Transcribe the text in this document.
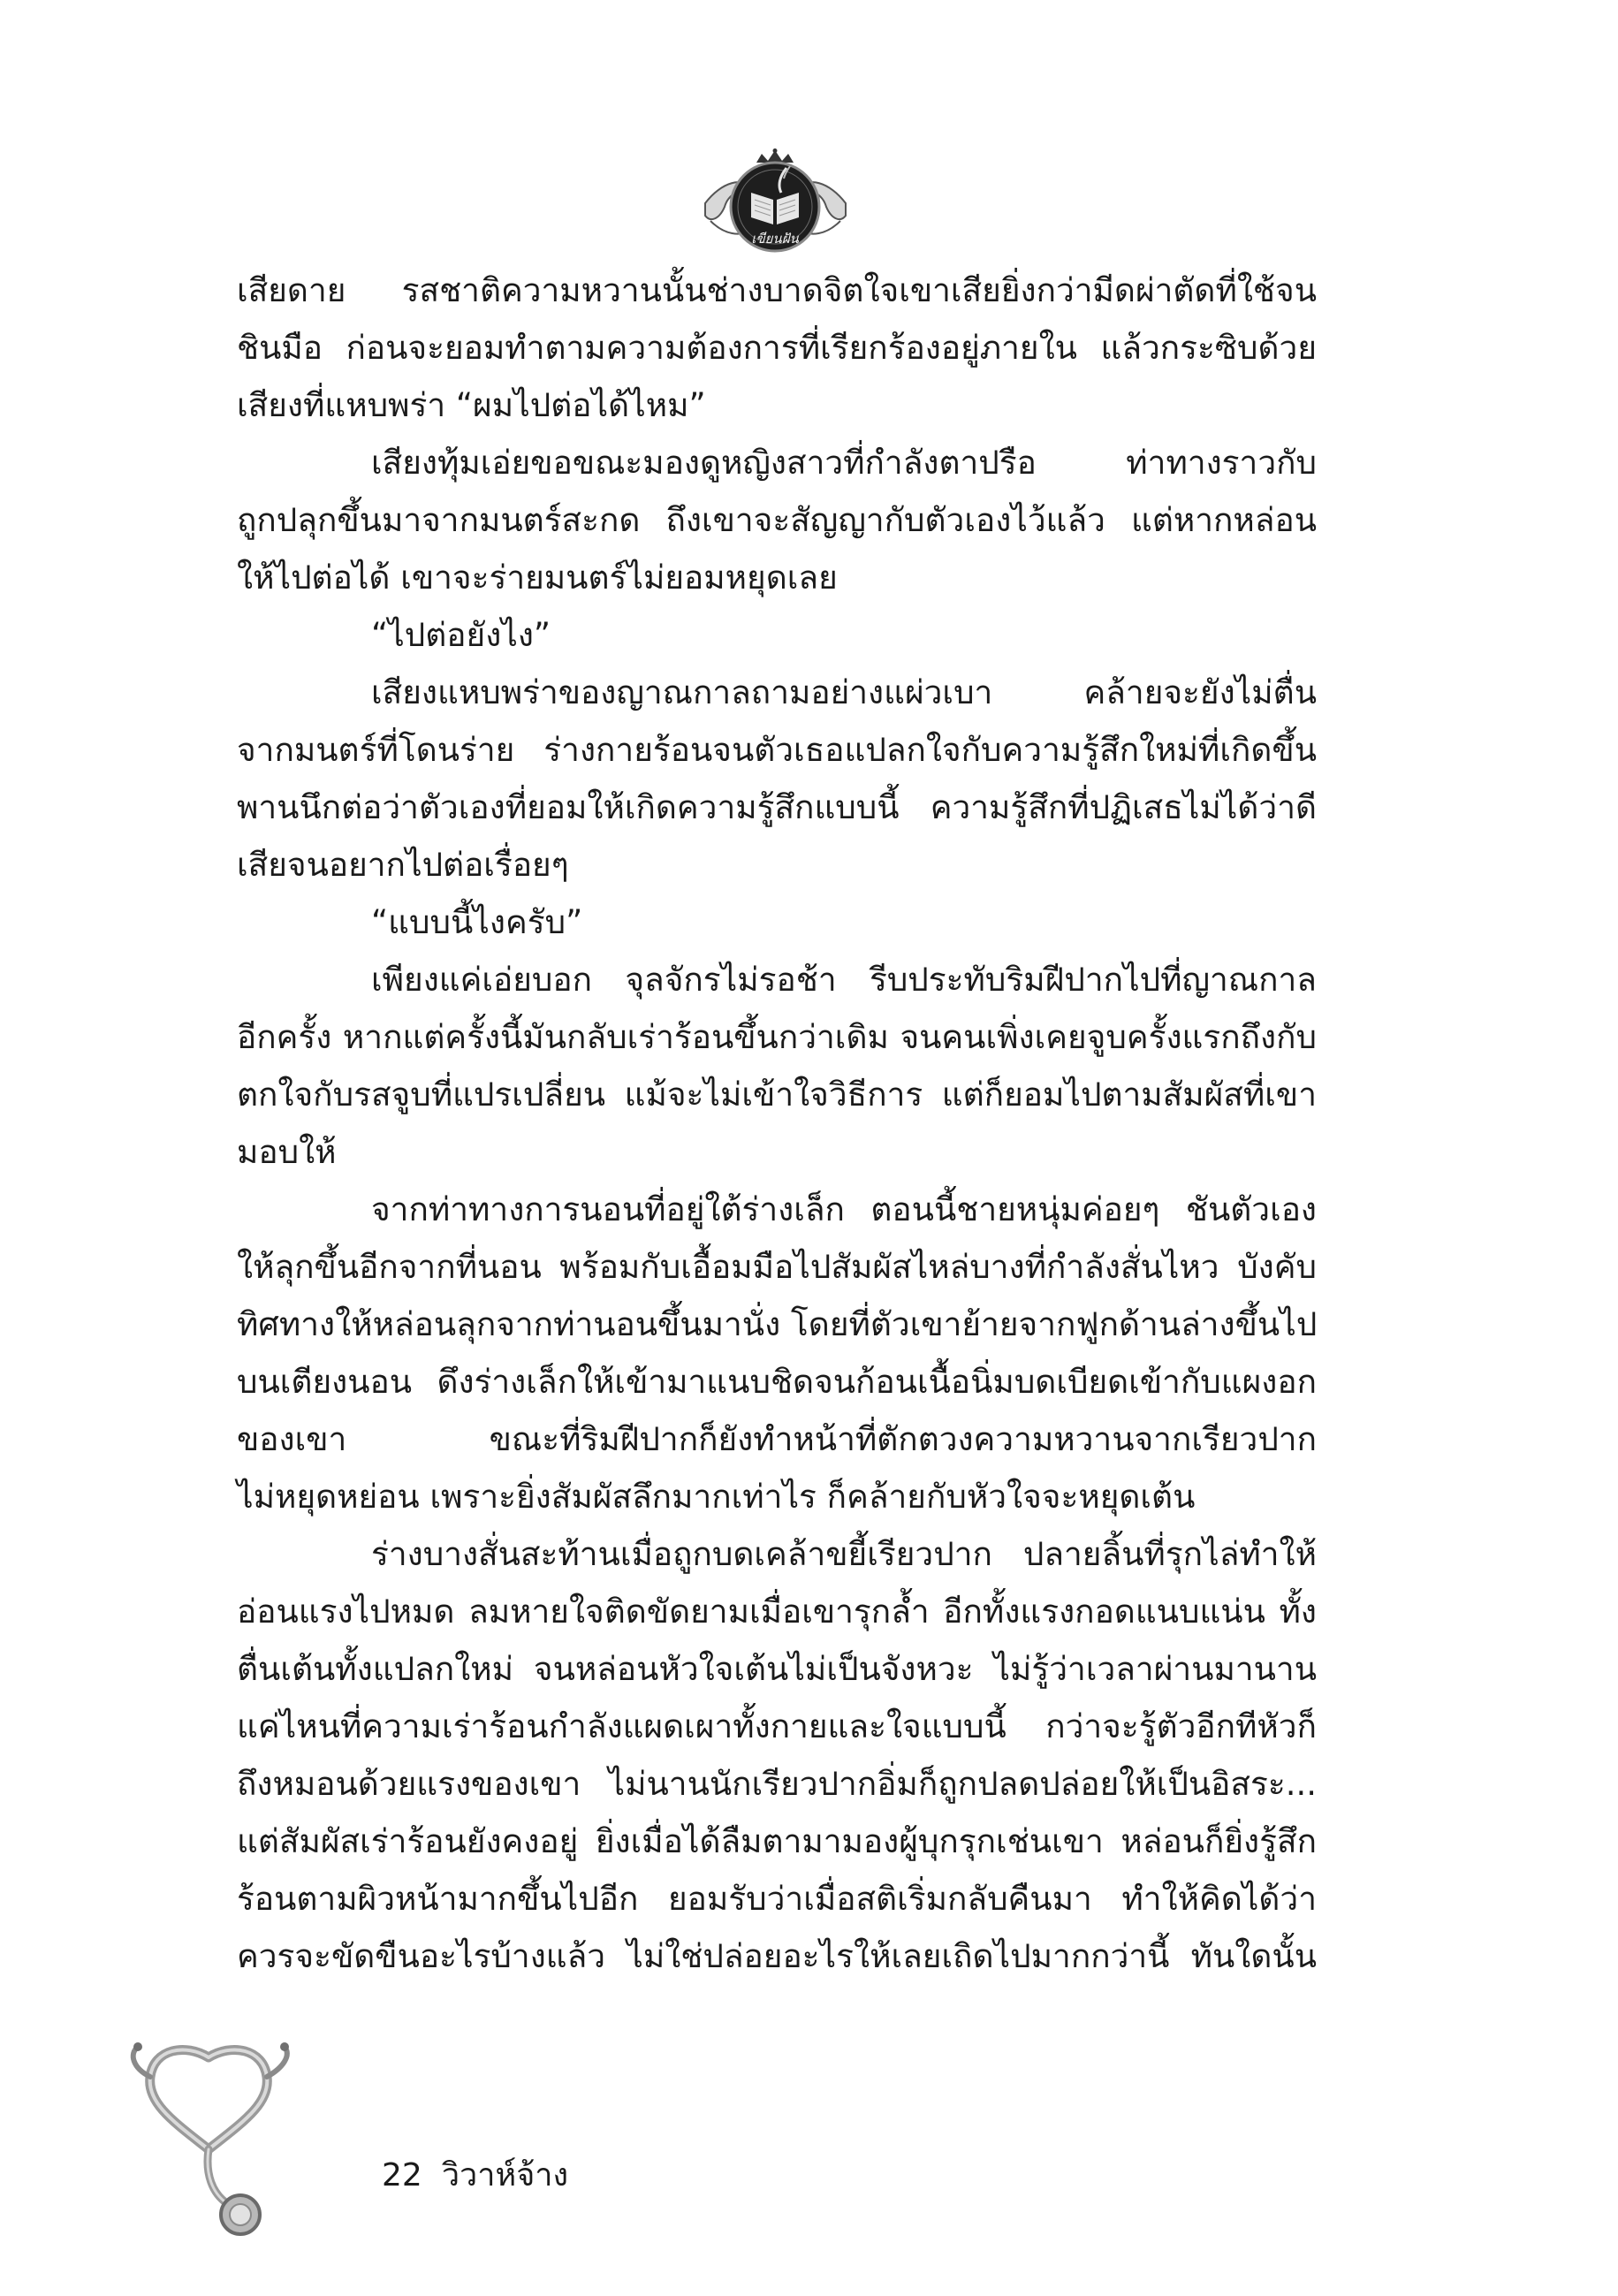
เขียนฝัน
เสียดาย รสชาติความหวานนั้นช่างบาดจิตใจเขาเสียยิ่งกว่ามีดผ่าตัดที่ใช้จน
ชินมือ ก่อนจะยอมทำตามความต้องการที่เรียกร้องอยู่ภายใน แล้วกระซิบด้วย
เสียงที่แหบพร่า “ผมไปต่อได้ไหม”
เสียงทุ้มเอ่ยขอขณะมองดูหญิงสาวที่กำลังตาปรือ ท่าทางราวกับ
ถูกปลุกขึ้นมาจากมนตร์สะกด ถึงเขาจะสัญญากับตัวเองไว้แล้ว แต่หากหล่อน
ให้ไปต่อได้ เขาจะร่ายมนตร์ไม่ยอมหยุดเลย
“ไปต่อยังไง”
เสียงแหบพร่าของญาณกาลถามอย่างแผ่วเบา คล้ายจะยังไม่ตื่น
จากมนตร์ที่โดนร่าย ร่างกายร้อนจนตัวเธอแปลกใจกับความรู้สึกใหม่ที่เกิดขึ้น
พานนึกต่อว่าตัวเองที่ยอมให้เกิดความรู้สึกแบบนี้ ความรู้สึกที่ปฏิเสธไม่ได้ว่าดี
เสียจนอยากไปต่อเรื่อยๆ
“แบบนี้ไงครับ”
เพียงแค่เอ่ยบอก จุลจักรไม่รอช้า รีบประทับริมฝีปากไปที่ญาณกาล
อีกครั้ง หากแต่ครั้งนี้มันกลับเร่าร้อนขึ้นกว่าเดิม จนคนเพิ่งเคยจูบครั้งแรกถึงกับ
ตกใจกับรสจูบที่แปรเปลี่ยน แม้จะไม่เข้าใจวิธีการ แต่ก็ยอมไปตามสัมผัสที่เขา
มอบให้
จากท่าทางการนอนที่อยู่ใต้ร่างเล็ก ตอนนี้ชายหนุ่มค่อยๆ ชันตัวเอง
ให้ลุกขึ้นอีกจากที่นอน พร้อมกับเอื้อมมือไปสัมผัสไหล่บางที่กำลังสั่นไหว บังคับ
ทิศทางให้หล่อนลุกจากท่านอนขึ้นมานั่ง โดยที่ตัวเขาย้ายจากฟูกด้านล่างขึ้นไป
บนเตียงนอน ดึงร่างเล็กให้เข้ามาแนบชิดจนก้อนเนื้อนิ่มบดเบียดเข้ากับแผงอก
ของเขา ขณะที่ริมฝีปากก็ยังทำหน้าที่ตักตวงความหวานจากเรียวปาก
ไม่หยุดหย่อน เพราะยิ่งสัมผัสลึกมากเท่าไร ก็คล้ายกับหัวใจจะหยุดเต้น
ร่างบางสั่นสะท้านเมื่อถูกบดเคล้าขยี้เรียวปาก ปลายลิ้นที่รุกไล่ทำให้
อ่อนแรงไปหมด ลมหายใจติดขัดยามเมื่อเขารุกล้ำ อีกทั้งแรงกอดแนบแน่น ทั้ง
ตื่นเต้นทั้งแปลกใหม่ จนหล่อนหัวใจเต้นไม่เป็นจังหวะ ไม่รู้ว่าเวลาผ่านมานาน
แค่ไหนที่ความเร่าร้อนกำลังแผดเผาทั้งกายและใจแบบนี้ กว่าจะรู้ตัวอีกทีหัวก็
ถึงหมอนด้วยแรงของเขา ไม่นานนักเรียวปากอิ่มก็ถูกปลดปล่อยให้เป็นอิสระ...
แต่สัมผัสเร่าร้อนยังคงอยู่ ยิ่งเมื่อได้ลืมตามามองผู้บุกรุกเช่นเขา หล่อนก็ยิ่งรู้สึก
ร้อนตามผิวหน้ามากขึ้นไปอีก ยอมรับว่าเมื่อสติเริ่มกลับคืนมา ทำให้คิดได้ว่า
ควรจะขัดขืนอะไรบ้างแล้ว ไม่ใช่ปล่อยอะไรให้เลยเถิดไปมากกว่านี้ ทันใดนั้น
22 วิวาห์จ้าง
